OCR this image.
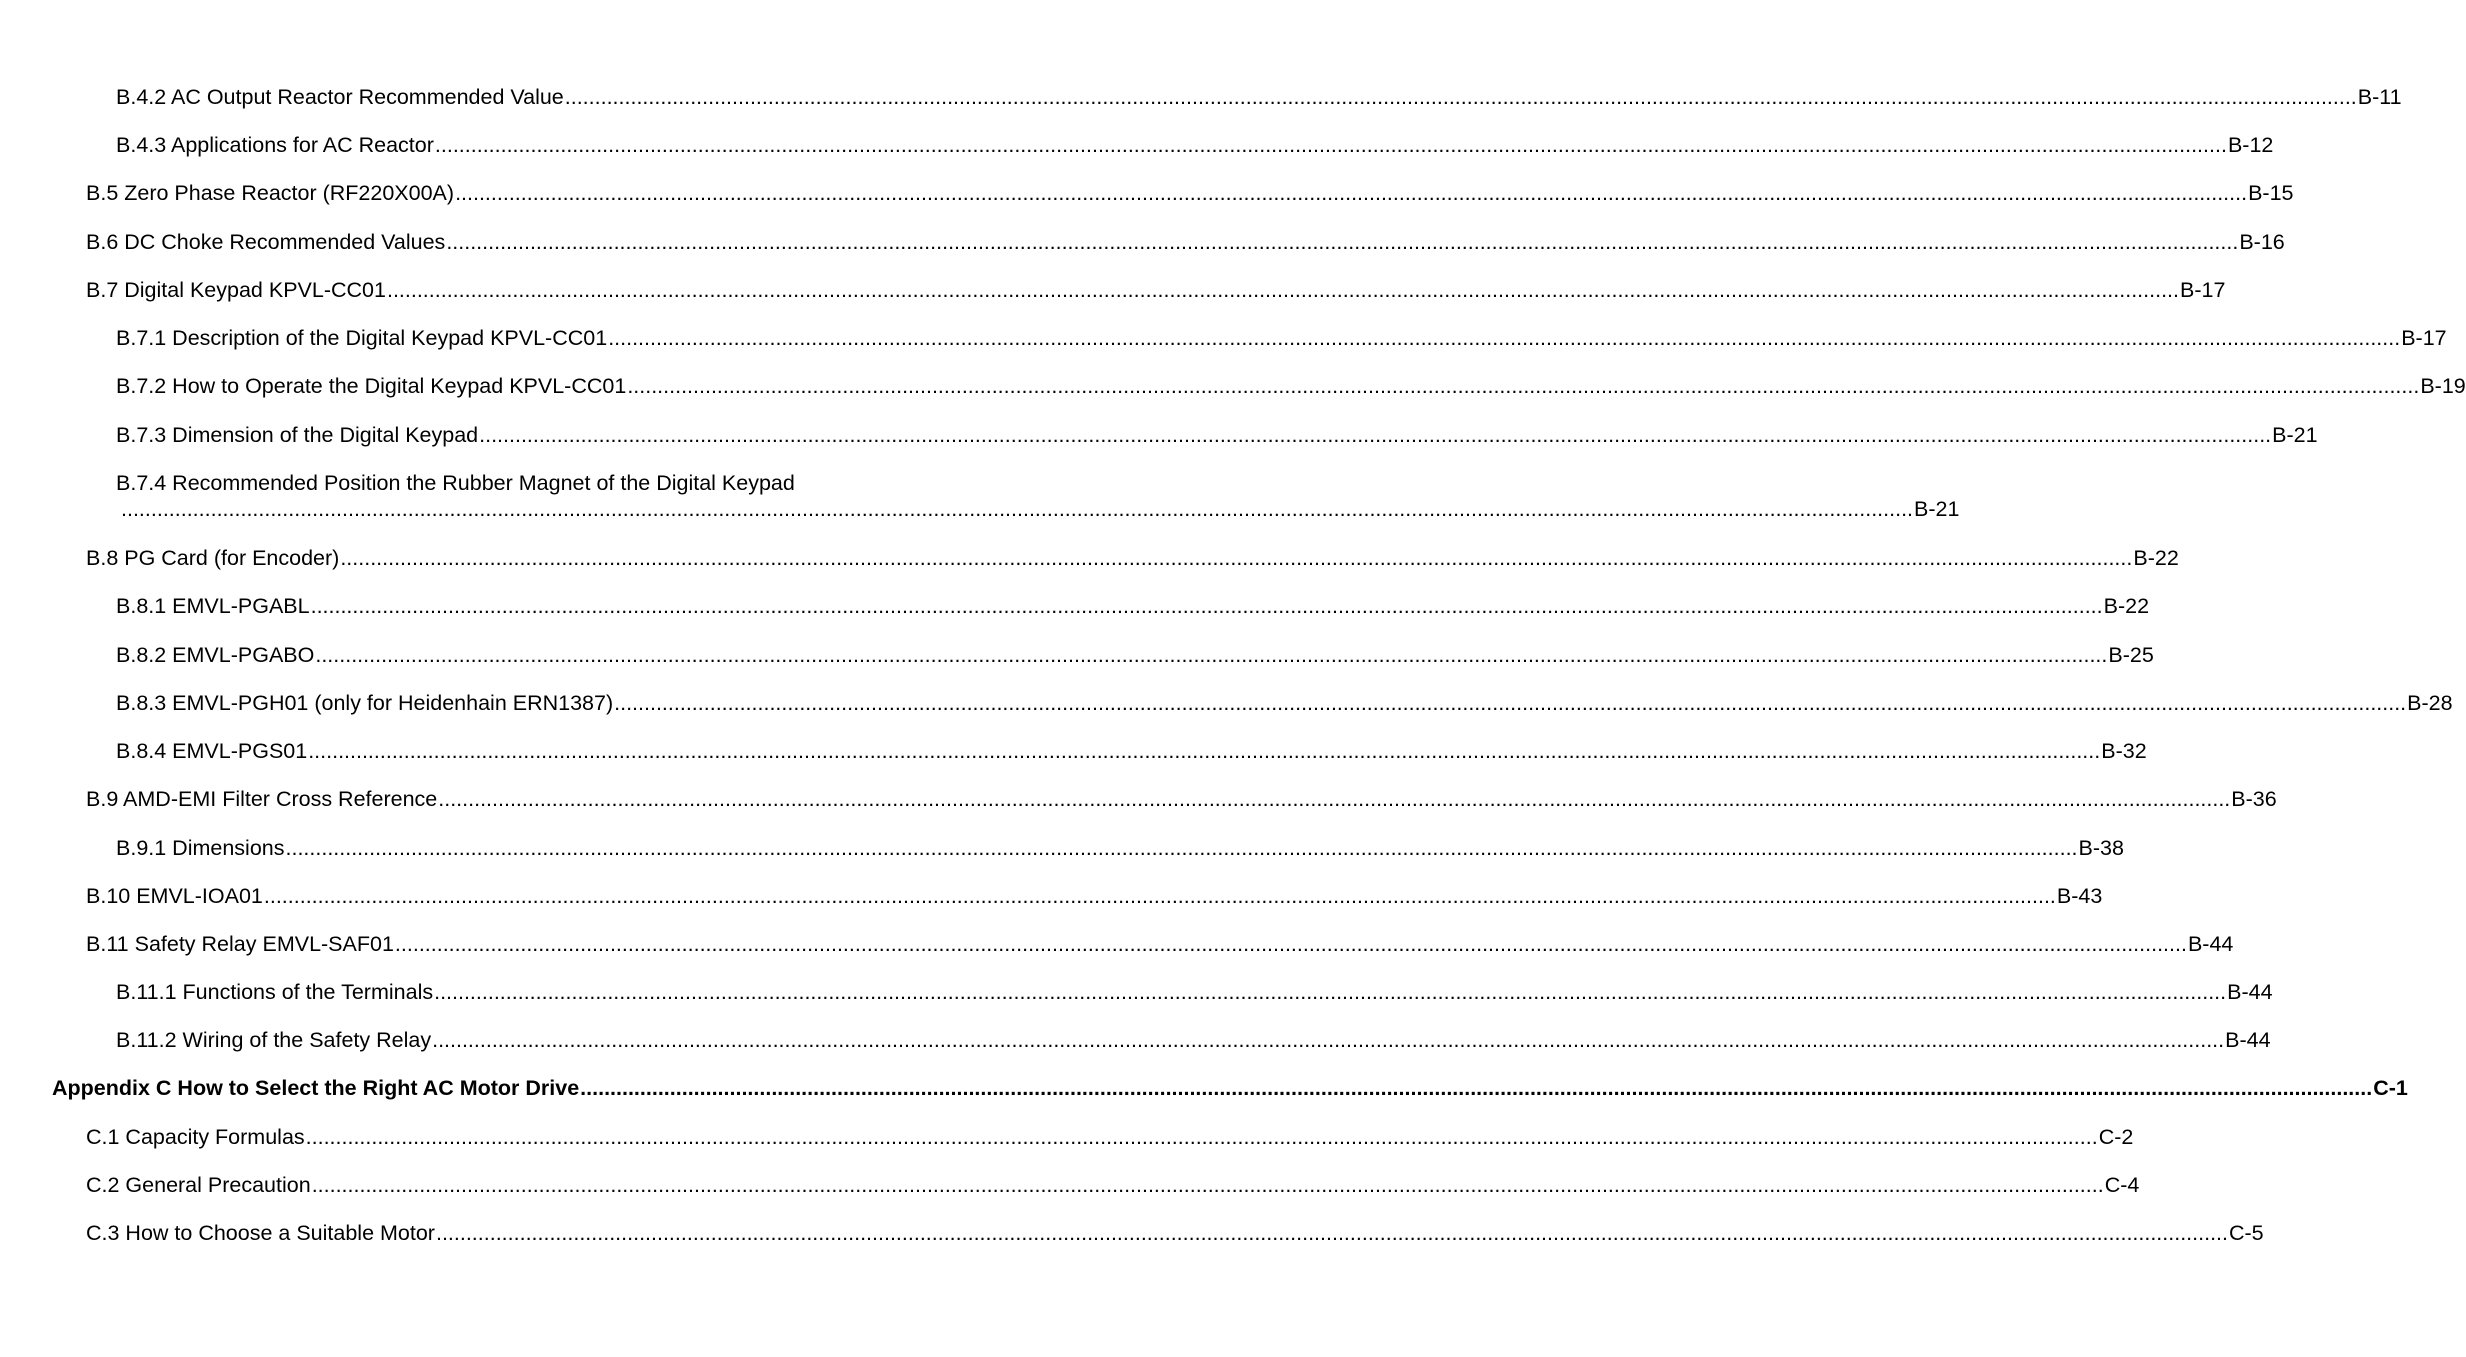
B.4.2 AC Output Reactor Recommended Value ............................................................................................................................................................................................................................................................................................................ B-11
B.4.3 Applications for AC Reactor ............................................................................................................................................................................................................................................................................................................ B-12
B.5 Zero Phase Reactor (RF220X00A) ............................................................................................................................................................................................................................................................................................................ B-15
B.6 DC Choke Recommended Values ............................................................................................................................................................................................................................................................................................................ B-16
B.7 Digital Keypad KPVL-CC01 ............................................................................................................................................................................................................................................................................................................ B-17
B.7.1 Description of the Digital Keypad KPVL-CC01 ............................................................................................................................................................................................................................................................................................................ B-17
B.7.2 How to Operate the Digital Keypad KPVL-CC01 ............................................................................................................................................................................................................................................................................................................ B-19
B.7.3 Dimension of the Digital Keypad ............................................................................................................................................................................................................................................................................................................ B-21
B.7.4 Recommended Position the Rubber Magnet of the Digital Keypad
............................................................................................................................................................................................................................................................................................................ B-21
B.8 PG Card (for Encoder) ............................................................................................................................................................................................................................................................................................................ B-22
B.8.1 EMVL-PGABL ............................................................................................................................................................................................................................................................................................................ B-22
B.8.2 EMVL-PGABO ............................................................................................................................................................................................................................................................................................................ B-25
B.8.3 EMVL-PGH01 (only for Heidenhain ERN1387) ............................................................................................................................................................................................................................................................................................................ B-28
B.8.4 EMVL-PGS01 ............................................................................................................................................................................................................................................................................................................ B-32
B.9 AMD-EMI Filter Cross Reference ............................................................................................................................................................................................................................................................................................................ B-36
B.9.1 Dimensions ............................................................................................................................................................................................................................................................................................................ B-38
B.10 EMVL-IOA01 ............................................................................................................................................................................................................................................................................................................ B-43
B.11 Safety Relay EMVL-SAF01 ............................................................................................................................................................................................................................................................................................................ B-44
B.11.1 Functions of the Terminals ............................................................................................................................................................................................................................................................................................................ B-44
B.11.2 Wiring of the Safety Relay ............................................................................................................................................................................................................................................................................................................ B-44
Appendix C How to Select the Right AC Motor Drive ............................................................................................................................................................................................................................................................................................................ C-1
C.1 Capacity Formulas ............................................................................................................................................................................................................................................................................................................ C-2
C.2 General Precaution ............................................................................................................................................................................................................................................................................................................ C-4
C.3 How to Choose a Suitable Motor ............................................................................................................................................................................................................................................................................................................ C-5
